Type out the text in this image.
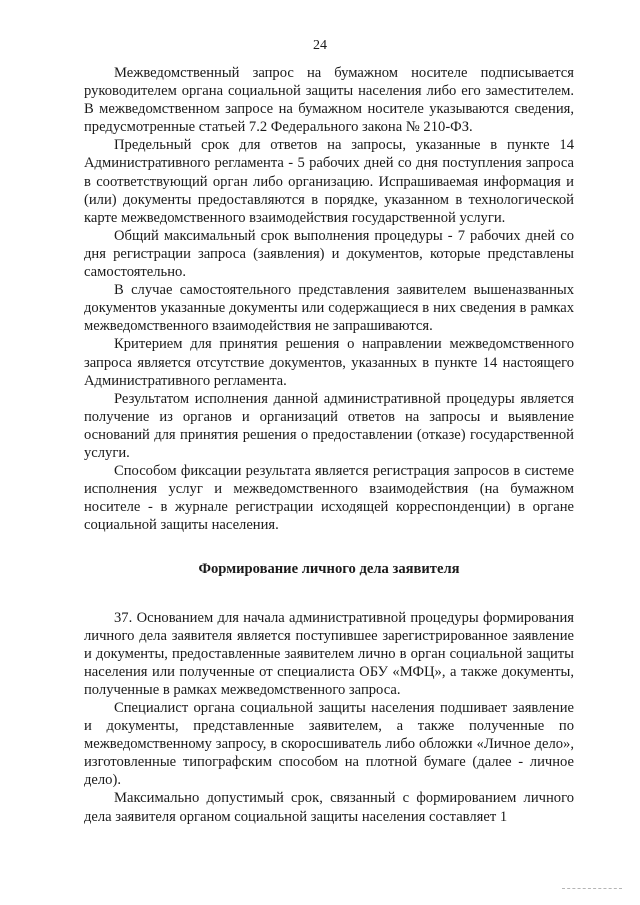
24

Межведомственный запрос на бумажном носителе подписывается руководителем органа социальной защиты населения либо его заместителем. В межведомственном запросе на бумажном носителе указываются сведения, предусмотренные статьей 7.2 Федерального закона № 210-ФЗ.

Предельный срок для ответов на запросы, указанные в пункте 14 Административного регламента - 5 рабочих дней со дня поступления запроса в соответствующий орган либо организацию. Испрашиваемая информация и (или) документы предоставляются в порядке, указанном в технологической карте межведомственного взаимодействия государственной услуги.

Общий максимальный срок выполнения процедуры - 7 рабочих дней со дня регистрации запроса (заявления) и документов, которые представлены самостоятельно.

В случае самостоятельного представления заявителем вышеназванных документов указанные документы или содержащиеся в них сведения в рамках межведомственного взаимодействия не запрашиваются.

Критерием для принятия решения о направлении межведомственного запроса является отсутствие документов, указанных в пункте 14 настоящего Административного регламента.

Результатом исполнения данной административной процедуры является получение из органов и организаций ответов на запросы и выявление оснований для принятия решения о предоставлении (отказе) государственной услуги.

Способом фиксации результата является регистрация запросов в системе исполнения услуг и межведомственного взаимодействия (на бумажном носителе - в журнале регистрации исходящей корреспонденции) в органе социальной защиты населения.

Формирование личного дела заявителя

37. Основанием для начала административной процедуры формирования личного дела заявителя является поступившее зарегистрированное заявление и документы, предоставленные заявителем лично в орган социальной защиты населения или полученные от специалиста ОБУ «МФЦ», а также документы, полученные в рамках межведомственного запроса.

Специалист органа социальной защиты населения подшивает заявление и документы, представленные заявителем, а также полученные по межведомственному запросу, в скоросшиватель либо обложки «Личное дело», изготовленные типографским способом на плотной бумаге (далее - личное дело).

Максимально допустимый срок, связанный с формированием личного дела заявителя органом социальной защиты населения составляет 1
